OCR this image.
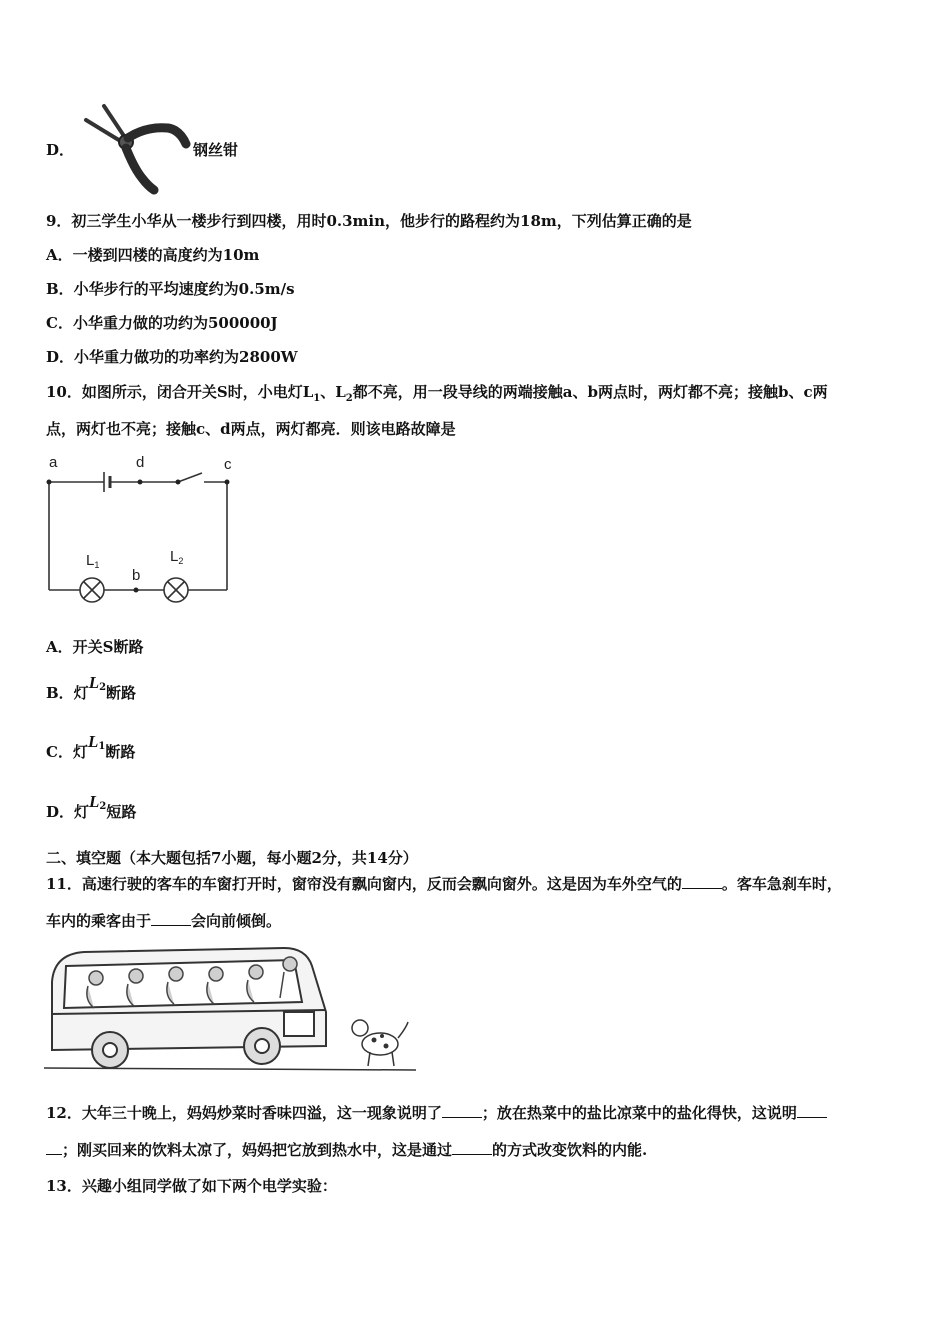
D．	钢丝钳
9．初三学生小华从一楼步行到四楼，用时0.3min，他步行的路程约为18m，下列估算正确的是
A．一楼到四楼的高度约为10m
B．小华步行的平均速度约为0.5m/s
C．小华重力做的功约为500000J
D．小华重力做功的功率约为2800W
10．如图所示，闭合开关S时，小电灯$L_1$、$L_2$都不亮，用一段导线的两端接触a、b两点时，两灯都不亮；接触b、c两
点，两灯也不亮；接触c、d两点，两灯都亮．则该电路故障是
a	d	c
b
$L_1$	$L_2$
A．开关S断路
B．灯$L_2$断路
C．灯$L_1$断路
D．灯$L_2$短路
二、填空题（本大题包括7小题，每小题2分，共14分）
11．高速行驶的客车的车窗打开时，窗帘没有飘向窗内，反而会飘向窗外。这是因为车外空气的	。客车急刹车时，
车内的乘客由于	会向前倾倒。
12．大年三十晚上，妈妈炒菜时香味四溢，这一现象说明了	；放在热菜中的盐比凉菜中的盐化得快，这说明
；刚买回来的饮料太凉了，妈妈把它放到热水中，这是通过	的方式改变饮料的内能.
13．兴趣小组同学做了如下两个电学实验：
